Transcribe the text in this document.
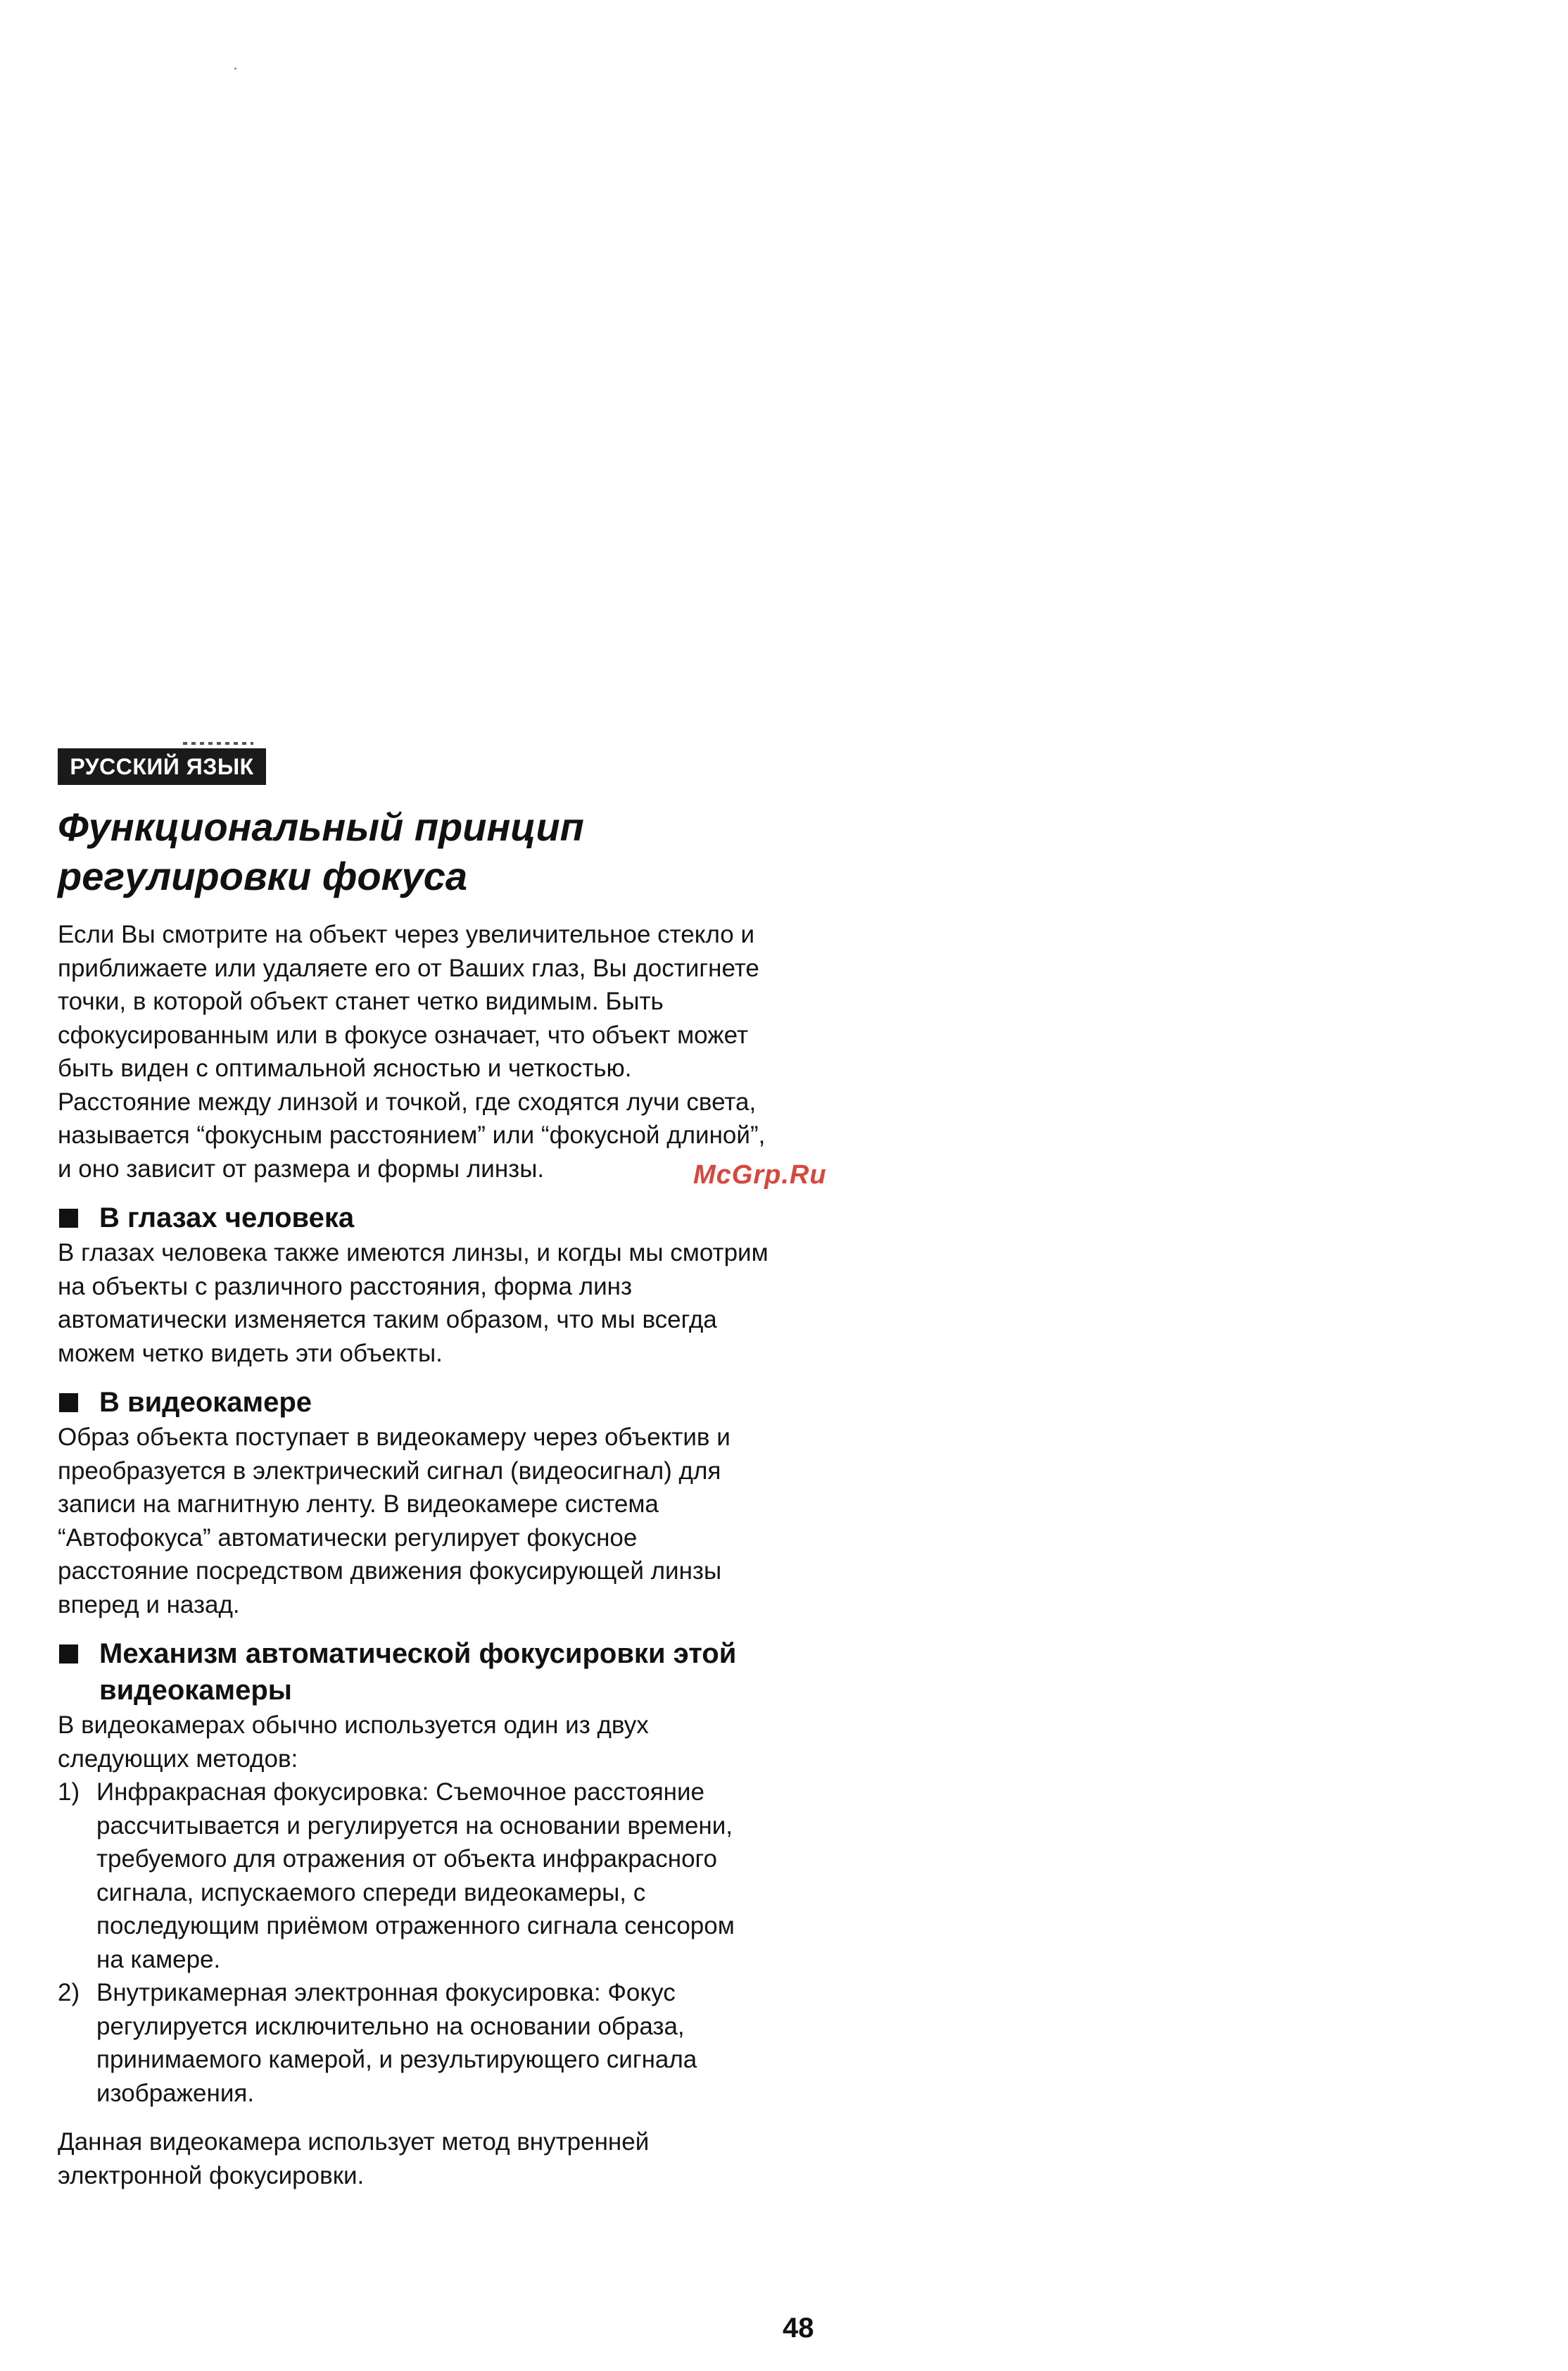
РУССКИЙ ЯЗЫК
Функциональный принцип регулировки фокуса

Если Вы смотрите на объект через увеличительное стекло и приближаете или удаляете его от Ваших глаз, Вы достигнете точки, в которой объект станет четко видимым. Быть сфокусированным или в фокусе означает, что объект может быть виден с оптимальной ясностью и четкостью. Расстояние между линзой и точкой, где сходятся лучи света, называется “фокусным расстоянием” или “фокусной длиной”, и оно зависит от размера и формы линзы.

В глазах человека

В глазах человека также имеются линзы, и когды мы смотрим на объекты с различного расстояния, форма линз автоматически изменяется таким образом, что мы всегда можем четко видеть эти объекты.

В видеокамере

Образ объекта поступает в видеокамеру через объектив и преобразуется в электрический сигнал (видеосигнал) для записи на магнитную ленту. В видеокамере система “Автофокуса” автоматически регулирует фокусное расстояние посредством движения фокусирующей линзы вперед и назад.

Механизм автоматической фокусировки этой видеокамеры

В видеокамерах обычно используется один из двух следующих методов:

1) Инфракрасная фокусировка: Съемочное расстояние рассчитывается и регулируется на основании времени, требуемого для отражения от объекта инфракрасного сигнала, испускаемого спереди видеокамеры, с последующим приёмом отраженного сигнала сенсором на камере.
2) Внутрикамерная электронная фокусировка: Фокус регулируется исключительно на основании образа, принимаемого камерой, и результирующего сигнала изображения.

Данная видеокамера использует метод внутренней электронной фокусировки.

McGrp.Ru
48
